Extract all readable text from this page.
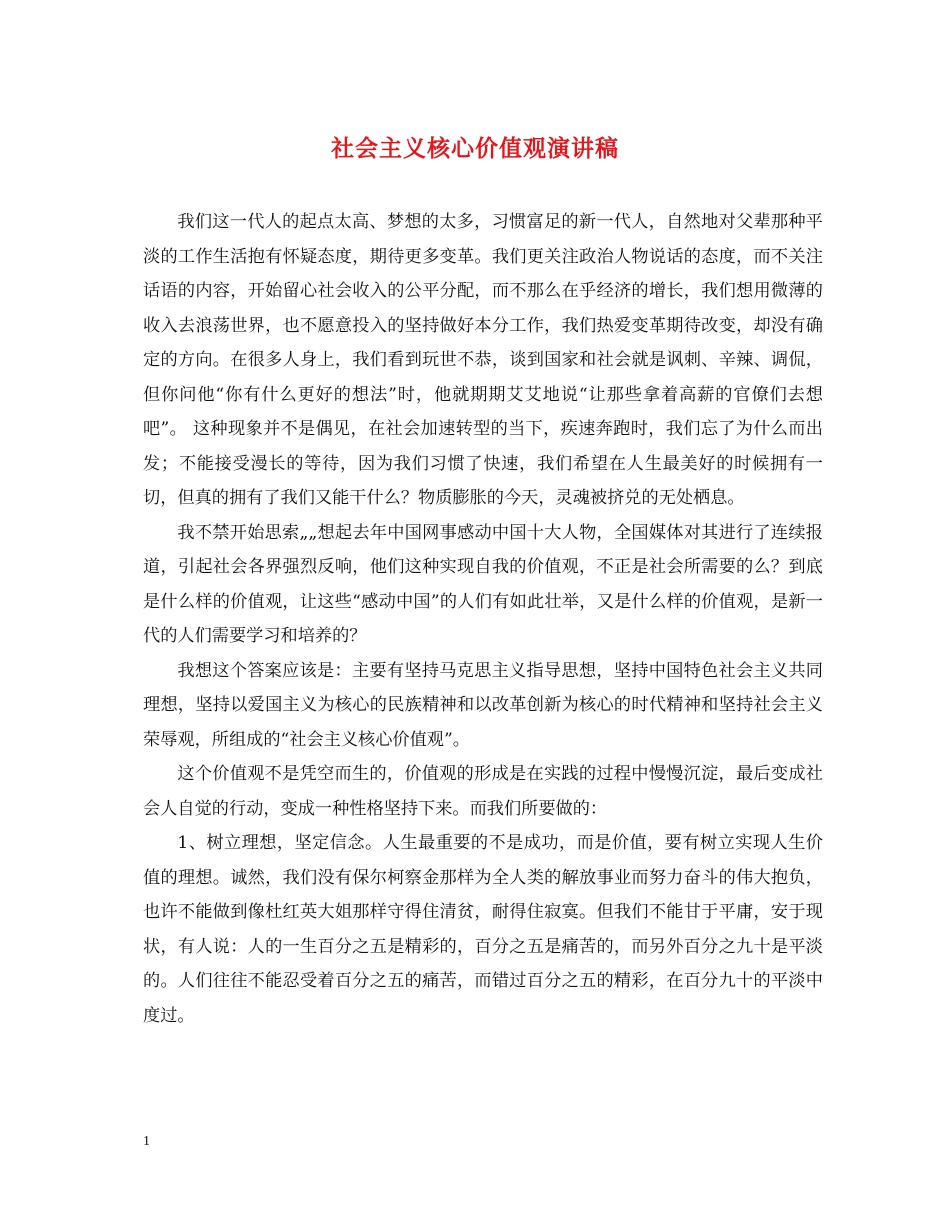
社会主义核心价值观演讲稿

我们这一代人的起点太高、梦想的太多，习惯富足的新一代人，自然地对父辈那种平淡的工作生活抱有怀疑态度，期待更多变革。我们更关注政治人物说话的态度，而不关注话语的内容，开始留心社会收入的公平分配，而不那么在乎经济的增长，我们想用微薄的收入去浪荡世界，也不愿意投入的坚持做好本分工作，我们热爱变革期待改变，却没有确定的方向。在很多人身上，我们看到玩世不恭，谈到国家和社会就是讽刺、辛辣、调侃，但你问他“你有什么更好的想法”时，他就期期艾艾地说“让那些拿着高薪的官僚们去想吧”。 这种现象并不是偶见，在社会加速转型的当下，疾速奔跑时，我们忘了为什么而出发；不能接受漫长的等待，因为我们习惯了快速，我们希望在人生最美好的时候拥有一切，但真的拥有了我们又能干什么？物质膨胀的今天，灵魂被挤兑的无处栖息。

我不禁开始思索„„想起去年中国网事感动中国十大人物，全国媒体对其进行了连续报道，引起社会各界强烈反响，他们这种实现自我的价值观，不正是社会所需要的么？到底是什么样的价值观，让这些“感动中国”的人们有如此壮举，又是什么样的价值观，是新一代的人们需要学习和培养的？

我想这个答案应该是：主要有坚持马克思主义指导思想，坚持中国特色社会主义共同理想，坚持以爱国主义为核心的民族精神和以改革创新为核心的时代精神和坚持社会主义荣辱观，所组成的“社会主义核心价值观”。

这个价值观不是凭空而生的，价值观的形成是在实践的过程中慢慢沉淀，最后变成社会人自觉的行动，变成一种性格坚持下来。而我们所要做的：

1、树立理想，坚定信念。人生最重要的不是成功，而是价值，要有树立实现人生价值的理想。诚然，我们没有保尔柯察金那样为全人类的解放事业而努力奋斗的伟大抱负，也许不能做到像杜红英大姐那样守得住清贫，耐得住寂寞。但我们不能甘于平庸，安于现状，有人说：人的一生百分之五是精彩的，百分之五是痛苦的，而另外百分之九十是平淡的。人们往往不能忍受着百分之五的痛苦，而错过百分之五的精彩，在百分九十的平淡中度过。

1
